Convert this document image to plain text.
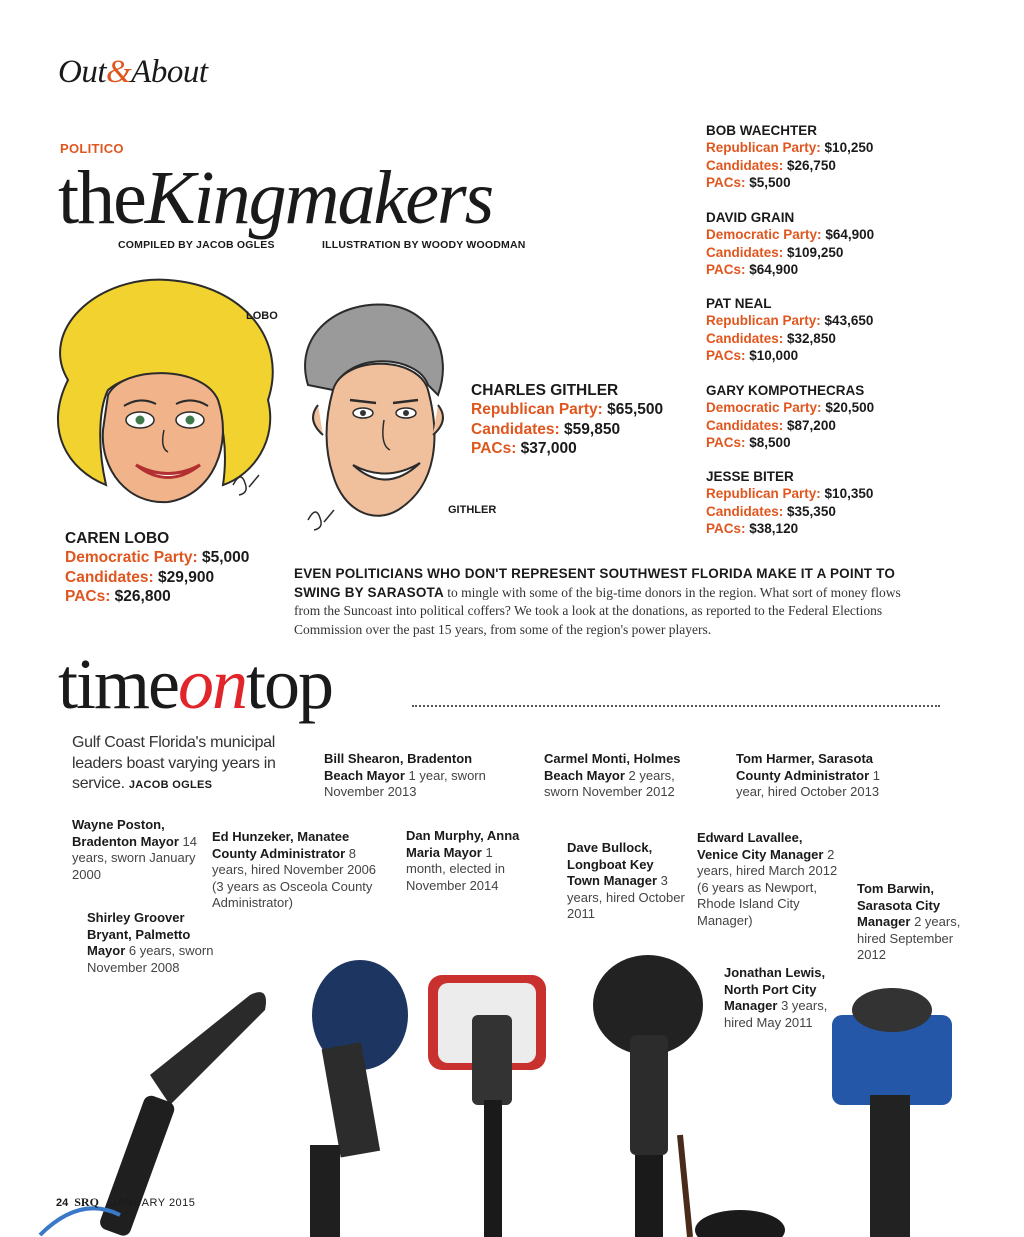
Out&About
POLITICO
theKingmakers
COMPILED BY JACOB OGLES	ILLUSTRATION BY WOODY WOODMAN
LOBO
GITHLER
CAREN LOBO
Democratic Party: $5,000
Candidates: $29,900
PACs: $26,800
CHARLES GITHLER
Republican Party: $65,500
Candidates: $59,850
PACs: $37,000
BOB WAECHTER
Republican Party: $10,250
Candidates: $26,750
PACs: $5,500
DAVID GRAIN
Democratic Party: $64,900
Candidates: $109,250
PACs: $64,900
PAT NEAL
Republican Party: $43,650
Candidates: $32,850
PACs: $10,000
GARY KOMPOTHECRAS
Democratic Party: $20,500
Candidates: $87,200
PACs: $8,500
JESSE BITER
Republican Party: $10,350
Candidates: $35,350
PACs: $38,120
EVEN POLITICIANS WHO DON'T REPRESENT SOUTHWEST FLORIDA MAKE IT A POINT TO SWING BY SARASOTA to mingle with some of the big-time donors in the region. What sort of money flows from the Suncoast into political coffers? We took a look at the donations, as reported to the Federal Elections Commission over the past 15 years, from some of the region's power players.
timeontop
Gulf Coast Florida's municipal leaders boast varying years in service. JACOB OGLES
Bill Shearon, Bradenton Beach Mayor 1 year, sworn November 2013
Carmel Monti, Holmes Beach Mayor 2 years, sworn November 2012
Tom Harmer, Sarasota County Administrator 1 year, hired October 2013
Wayne Poston, Bradenton Mayor 14 years, sworn January 2000
Ed Hunzeker, Manatee County Administrator 8 years, hired November 2006 (3 years as Osceola County Administrator)
Dan Murphy, Anna Maria Mayor 1 month, elected in November 2014
Dave Bullock, Longboat Key Town Manager 3 years, hired October 2011
Edward Lavallee, Venice City Manager 2 years, hired March 2012 (6 years as Newport, Rhode Island City Manager)
Tom Barwin, Sarasota City Manager 2 years, hired September 2012
Shirley Groover Bryant, Palmetto Mayor 6 years, sworn November 2008	Jonathan Lewis, North Port City Manager 3 years, hired May 2011
24 SRQ JANUARY 2015
